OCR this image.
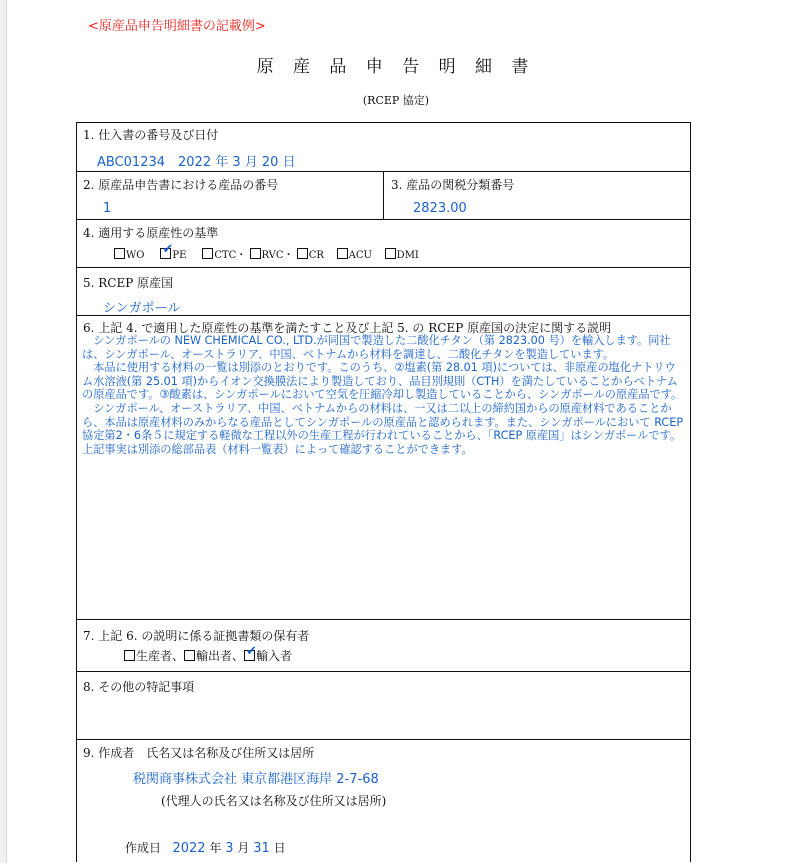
<原産品申告明細書の記載例>
原 産 品 申 告 明 細 書
(RCEP 協定)
1. 仕入書の番号及び日付
ABC01234　2022 年 3 月 20 日
2. 原産品申告書における産品の番号
1
3. 産品の関税分類番号
2823.00
4. 適用する原産性の基準
WO ✔	PE	CTC・ RVC・ CR ACU DMI
5. RCEP 原産国
シンガポール
6. 上記 4. で適用した原産性の基準を満たすこと及び上記 5. の RCEP 原産国の決定に関する説明

　シンガポールの NEW CHEMICAL CO., LTD.が同国で製造した二酸化チタン（第 2823.00 号）を輸入します。同社は、シンガポール、オーストラリア、中国、ベトナムから材料を調達し、二酸化チタンを製造しています。

　本品に使用する材料の一覧は別添のとおりです。このうち、②塩素(第 28.01 項)については、非原産の塩化ナトリウム水溶液(第 25.01 項)からイオン交換膜法により製造しており、品目別規則（CTH）を満たしていることからベトナムの原産品です。③酸素は、シンガポールにおいて空気を圧縮冷却し製造していることから、シンガポールの原産品です。

　シンガポール、オーストラリア、中国、ベトナムからの材料は、一又は二以上の締約国からの原産材料であることから、本品は原産材料のみからなる産品としてシンガポールの原産品と認められます。また、シンガポールにおいて RCEP 協定第2・6条５に規定する軽微な工程以外の生産工程が行われていることから、「RCEP 原産国」はシンガポールです。

上記事実は別添の総部品表（材料一覧表）によって確認することができます。

7. 上記 6. の説明に係る証拠書類の保有者
生産者、 輸出者、 ✔ 輸入者
8. その他の特記事項
9. 作成者　氏名又は名称及び住所又は居所
税関商事株式会社 東京都港区海岸 2-7-68
(代理人の氏名又は名称及び住所又は居所)
作成日 2022 年 3 月 31 日
